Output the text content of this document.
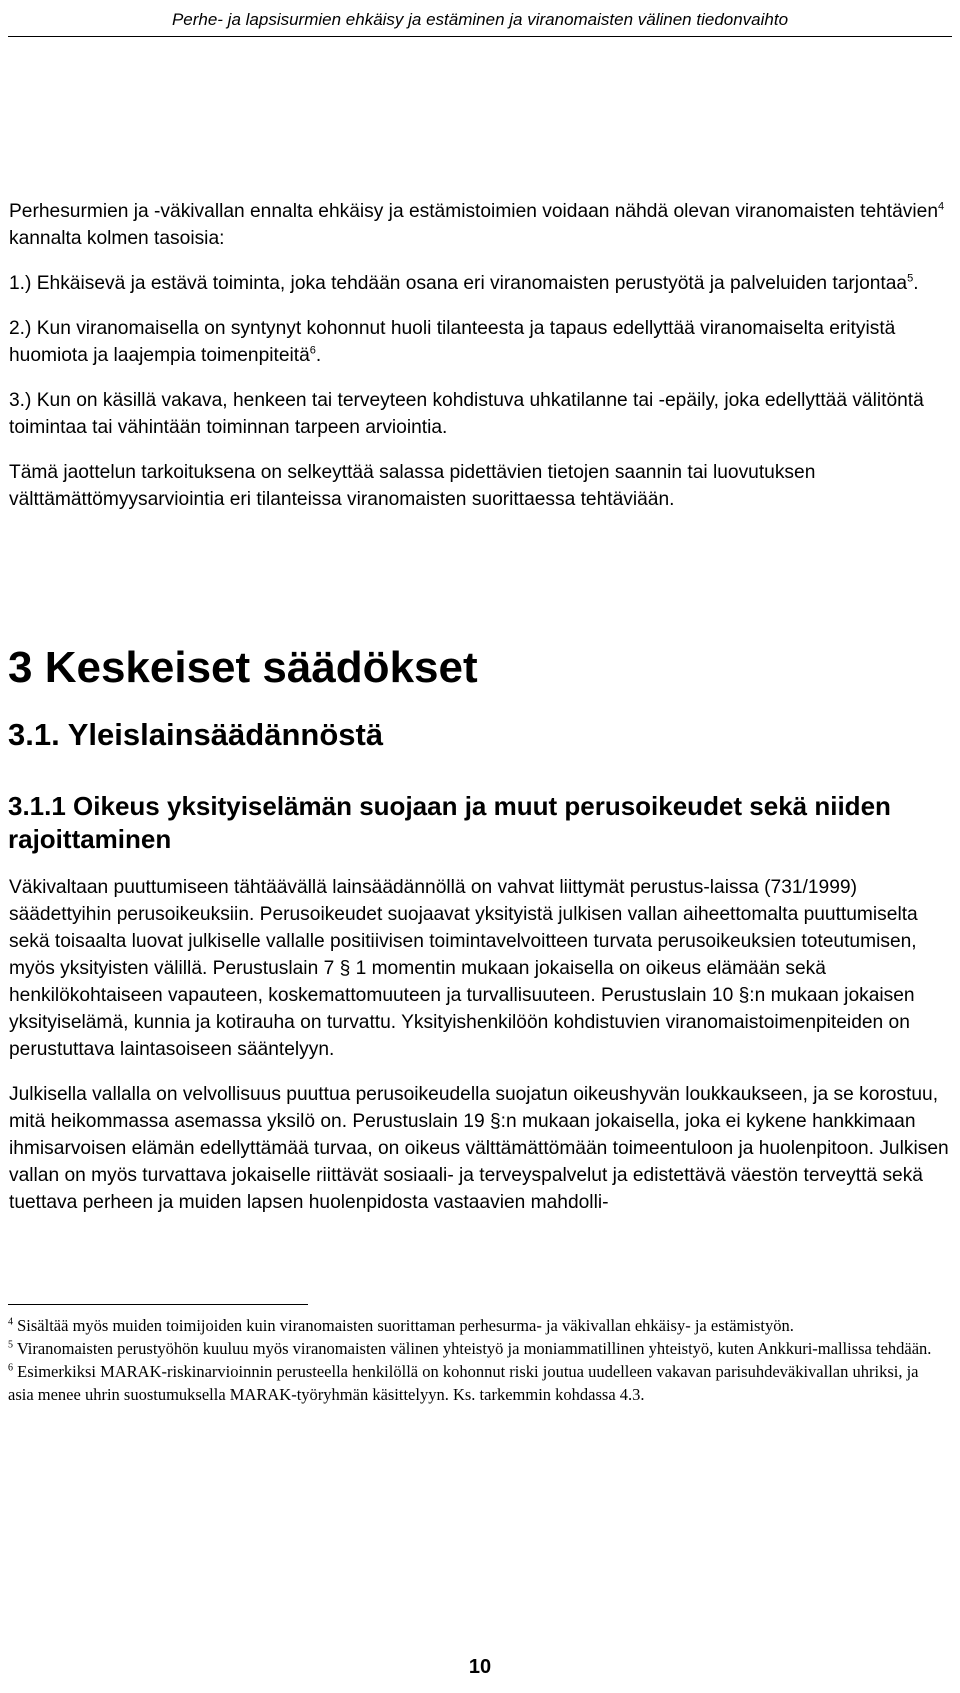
Perhe- ja lapsisurmien ehkäisy ja estäminen ja viranomaisten välinen tiedonvaihto

Perhesurmien ja -väkivallan ennalta ehkäisy ja estämistoimien voidaan nähdä olevan viranomaisten tehtävien$^4$ kannalta kolmen tasoisia:

1.) Ehkäisevä ja estävä toiminta, joka tehdään osana eri viranomaisten perustyötä ja palveluiden tarjontaa$^5$.

2.) Kun viranomaisella on syntynyt kohonnut huoli tilanteesta ja tapaus edellyttää viranomaiselta erityistä huomiota ja laajempia toimenpiteitä$^6$.

3.) Kun on käsillä vakava, henkeen tai terveyteen kohdistuva uhkatilanne tai -epäily, joka edellyttää välitöntä toimintaa tai vähintään toiminnan tarpeen arviointia.

Tämä jaottelun tarkoituksena on selkeyttää salassa pidettävien tietojen saannin tai luovutuksen välttämättömyysarviointia eri tilanteissa viranomaisten suorittaessa tehtäviään.

3 Keskeiset säädökset
3.1. Yleislainsäädännöstä
3.1.1 Oikeus yksityiselämän suojaan ja muut perusoikeudet sekä niiden rajoittaminen

Väkivaltaan puuttumiseen tähtäävällä lainsäädännöllä on vahvat liittymät perustus-laissa (731/1999) säädettyihin perusoikeuksiin. Perusoikeudet suojaavat yksityistä julkisen vallan aiheettomalta puuttumiselta sekä toisaalta luovat julkiselle vallalle positiivisen toimintavelvoitteen turvata perusoikeuksien toteutumisen, myös yksityisten välillä. Perustuslain 7 § 1 momentin mukaan jokaisella on oikeus elämään sekä henkilökohtaiseen vapauteen, koskemattomuuteen ja turvallisuuteen. Perustuslain 10 §:n mukaan jokaisen yksityiselämä, kunnia ja kotirauha on turvattu. Yksityishenkilöön kohdistuvien viranomaistoimenpiteiden on perustuttava laintasoiseen sääntelyyn.

Julkisella vallalla on velvollisuus puuttua perusoikeudella suojatun oikeushyvän loukkaukseen, ja se korostuu, mitä heikommassa asemassa yksilö on. Perustuslain 19 §:n mukaan jokaisella, joka ei kykene hankkimaan ihmisarvoisen elämän edellyttämää turvaa, on oikeus välttämättömään toimeentuloon ja huolenpitoon. Julkisen vallan on myös turvattava jokaiselle riittävät sosiaali- ja terveyspalvelut ja edistettävä väestön terveyttä sekä tuettava perheen ja muiden lapsen huolenpidosta vastaavien mahdolli-

$^4$ Sisältää myös muiden toimijoiden kuin viranomaisten suorittaman perhesurma- ja väkivallan ehkäisy- ja estämistyön.

$^5$ Viranomaisten perustyöhön kuuluu myös viranomaisten välinen yhteistyö ja moniammatillinen yhteistyö, kuten Ankkuri-mallissa tehdään.

$^6$ Esimerkiksi MARAK-riskinarvioinnin perusteella henkilöllä on kohonnut riski joutua uudelleen vakavan parisuhdeväkivallan uhriksi, ja asia menee uhrin suostumuksella MARAK-työryhmän käsittelyyn. Ks. tarkemmin kohdassa 4.3.

10
